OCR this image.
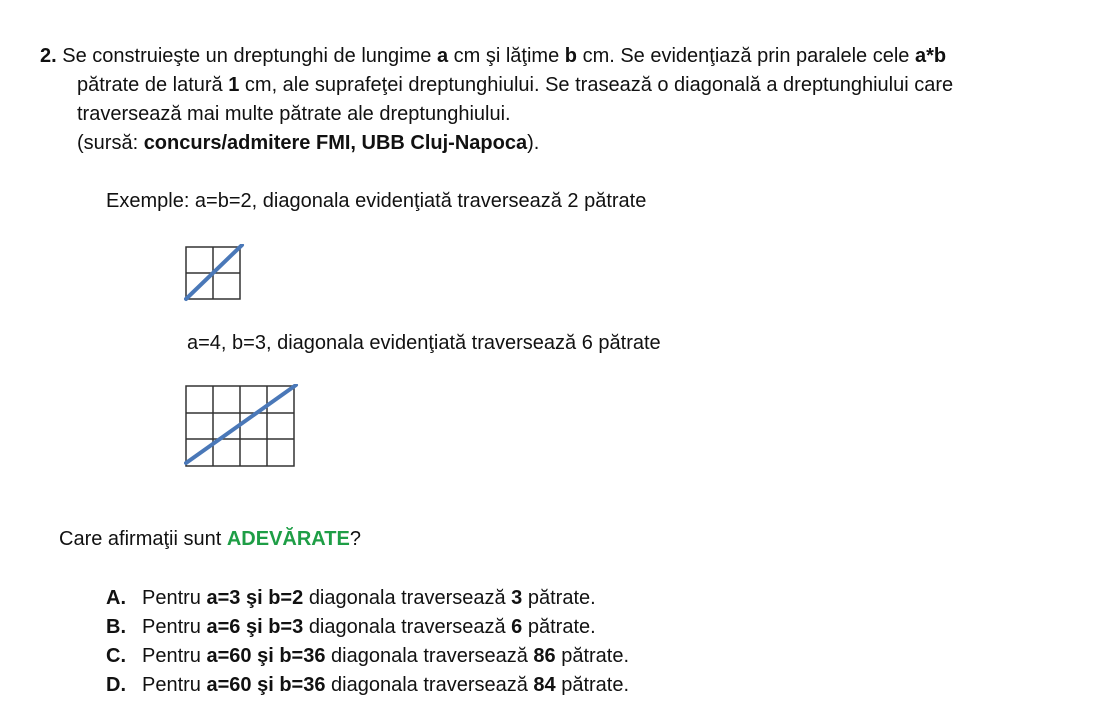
2. Se construieşte un dreptunghi de lungime a cm şi lăţime b cm. Se evidenţiază prin paralele cele a*b
pătrate de latură 1 cm, ale suprafeţei dreptunghiului. Se trasează o diagonală a dreptunghiului care
traversează mai multe pătrate ale dreptunghiului.
(sursă: concurs/admitere FMI, UBB Cluj-Napoca).
Exemple: a=b=2, diagonala evidenţiată traversează 2 pătrate
a=4, b=3, diagonala evidenţiată traversează 6 pătrate
Care afirmaţii sunt ADEVĂRATE?
A. Pentru a=3 şi b=2 diagonala traversează 3 pătrate.
B. Pentru a=6 şi b=3 diagonala traversează 6 pătrate.
C. Pentru a=60 şi b=36 diagonala traversează 86 pătrate.
D. Pentru a=60 şi b=36 diagonala traversează 84 pătrate.
